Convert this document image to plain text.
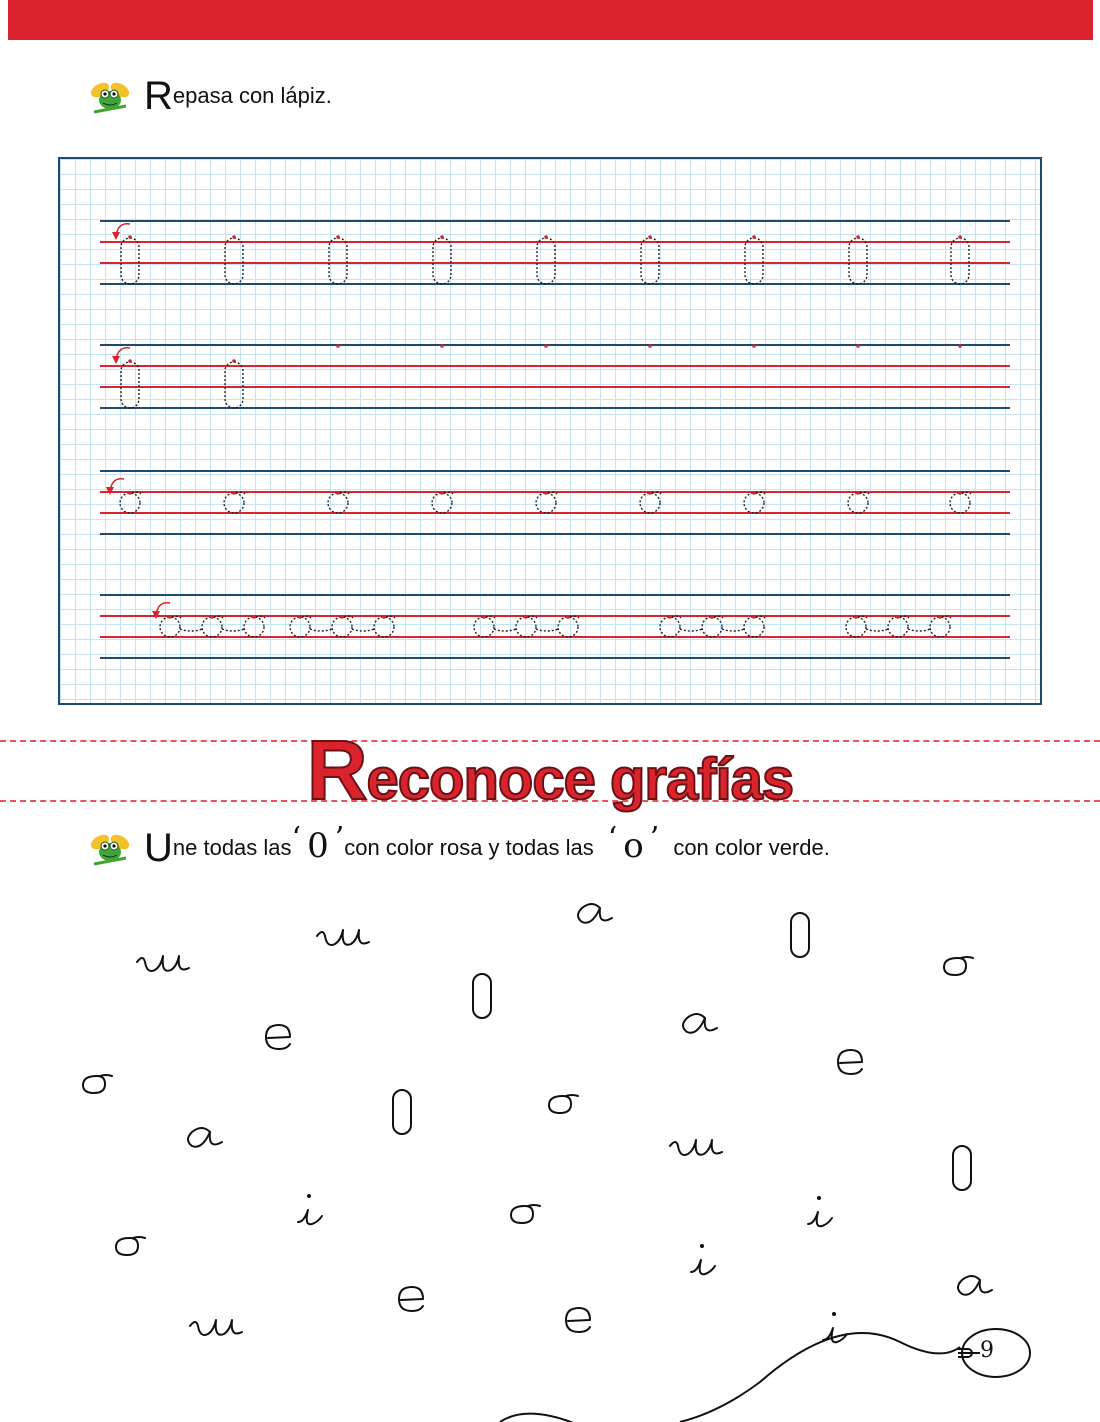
R epasa con lápiz.
Reconoce grafías
U ne todas las ‘ 0 ’ con color rosa y todas las ‘ o ’ con color verde.
9
